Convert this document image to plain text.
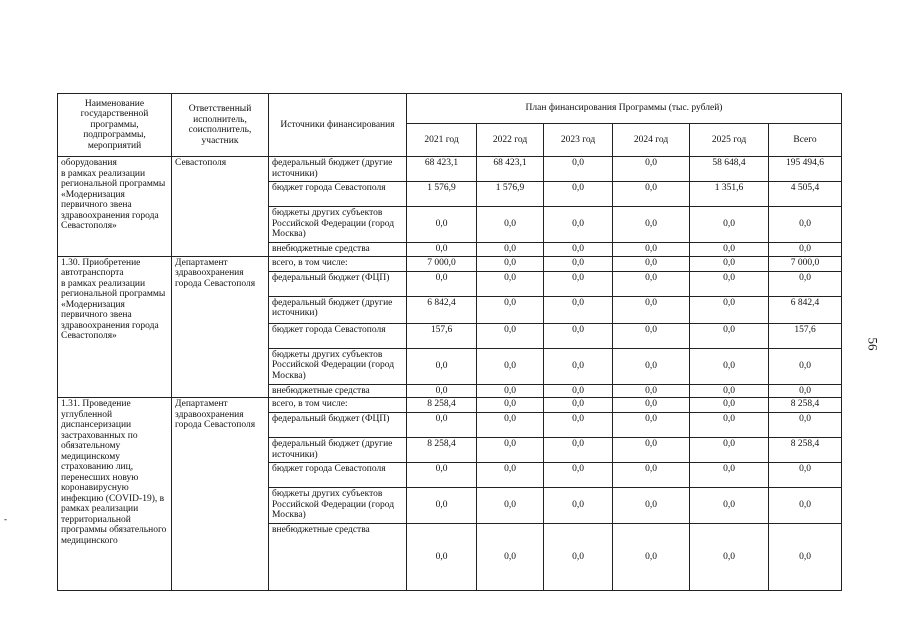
Наименование государственной программы, подпрограммы, мероприятий	Ответственный исполнитель, соисполнитель, участник	Источники финансирования	План финансирования Программы (тыс. рублей)					
			2021 год	2022 год	2023 год	2024 год	2025 год	Всего
оборудования
в рамках реализации региональной программы «Модернизация первичного звена здравоохранения города Севастополя»	Севастополя	федеральный бюджет (другие источники)	68 423,1	68 423,1	0,0	0,0	58 648,4	195 494,6
		бюджет города Севастополя	1 576,9	1 576,9	0,0	0,0	1 351,6	4 505,4
		бюджеты других субъектов Российской Федерации (город Москва)	0,0	0,0	0,0	0,0	0,0	0,0
		внебюджетные средства	0,0	0,0	0,0	0,0	0,0	0,0
1.30. Приобретение автотранспорта
в рамках реализации региональной программы «Модернизация первичного звена здравоохранения города Севастополя»	Департамент здравоохранения города Севастополя	всего, в том числе:	7 000,0	0,0	0,0	0,0	0,0	7 000,0
		федеральный бюджет (ФЦП)	0,0	0,0	0,0	0,0	0,0	0,0
		федеральный бюджет (другие источники)	6 842,4	0,0	0,0	0,0	0,0	6 842,4
		бюджет города Севастополя	157,6	0,0	0,0	0,0	0,0	157,6
		бюджеты других субъектов Российской Федерации (город Москва)	0,0	0,0	0,0	0,0	0,0	0,0
		внебюджетные средства	0,0	0,0	0,0	0,0	0,0	0,0
1.31. Проведение углубленной диспансеризации застрахованных по обязательному медицинскому страхованию лиц, перенесших новую коронавирусную инфекцию (COVID-19), в рамках реализации территориальной программы обязательного медицинского	Департамент здравоохранения города Севастополя	всего, в том числе:	8 258,4	0,0	0,0	0,0	0,0	8 258,4
		федеральный бюджет (ФЦП)	0,0	0,0	0,0	0,0	0,0	0,0
		федеральный бюджет (другие источники)	8 258,4	0,0	0,0	0,0	0,0	8 258,4
		бюджет города Севастополя	0,0	0,0	0,0	0,0	0,0	0,0
		бюджеты других субъектов Российской Федерации (город Москва)	0,0	0,0	0,0	0,0	0,0	0,0
		внебюджетные средства	0,0	0,0	0,0	0,0	0,0	0,0
56
-
